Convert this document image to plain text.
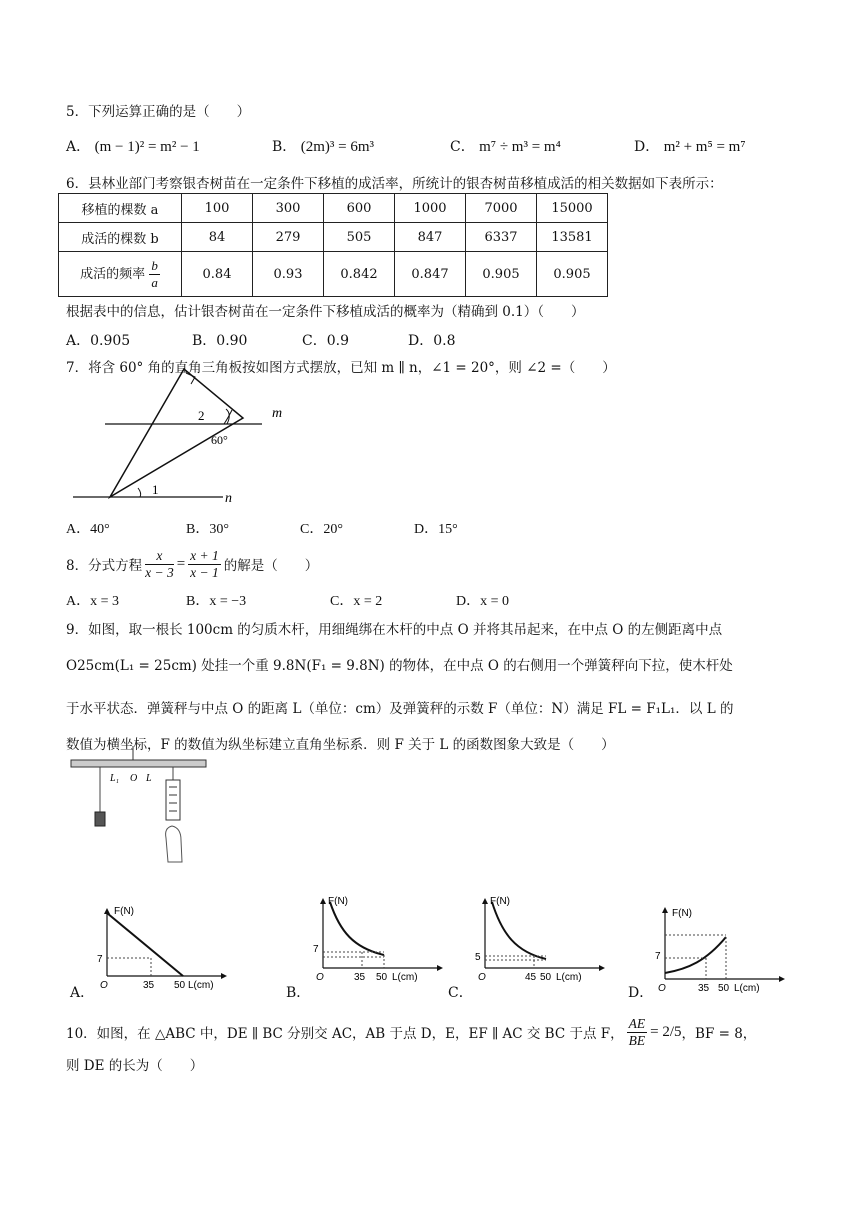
5．下列运算正确的是（　　）
A． (m − 1)² = m² − 1	B． (2m)³ = 6m³	C． m⁷ ÷ m³ = m⁴	D． m² + m⁵ = m⁷
6．县林业部门考察银杏树苗在一定条件下移植的成活率，所统计的银杏树苗移植成活的相关数据如下表所示：
移植的棵数 a	100	300	600	1000	7000	15000
成活的棵数 b	84	279	505	847	6337	13581
成活的频率 $\frac{b}{a}$	0.84	0.93	0.842	0.847	0.905	0.905
根据表中的信息，估计银杏树苗在一定条件下移植成活的概率为（精确到 0.1）（　　）
A．0.905	B．0.90	C．0.9	D．0.8
7．将含 60° 角的直角三角板按如图方式摆放，已知 m ∥ n，∠1 = 20°，则 ∠2 =（　　）
m
n
1
2
60°
A．40°	B．30°	C．20°	D．15°
8．分式方程 $\frac{x}{x - 3} = \frac{x + 1}{x - 1}$ 的解是（　　）
A．x = 3	B．x = −3	C．x = 2	D．x = 0
9．如图，取一根长 100cm 的匀质木杆，用细绳绑在木杆的中点 O 并将其吊起来，在中点 O 的左侧距离中点
O25cm(L₁ = 25cm) 处挂一个重 9.8N(F₁ = 9.8N) 的物体，在中点 O 的右侧用一个弹簧秤向下拉，使木杆处
于水平状态．弹簧秤与中点 O 的距离 L（单位：cm）及弹簧秤的示数 F（单位：N）满足 FL = F₁L₁．以 L 的
数值为横坐标，F 的数值为纵坐标建立直角坐标系．则 F 关于 L 的函数图象大致是（　　）
L₁ O L
A．
F(N)
7
O	35 50 L(cm)	B．
F(N)
7
O	35 50 L(cm)
C．
F(N)
5
O	45 50 L(cm)
D．
F(N)
7
O	35 50 L(cm)
10．如图，在 △ABC 中，DE ∥ BC 分别交 AC，AB 于点 D，E，EF ∥ AC 交 BC 于点 F， $\frac{AE}{BE} = 2/5$ ，BF = 8，
则 DE 的长为（　　）
